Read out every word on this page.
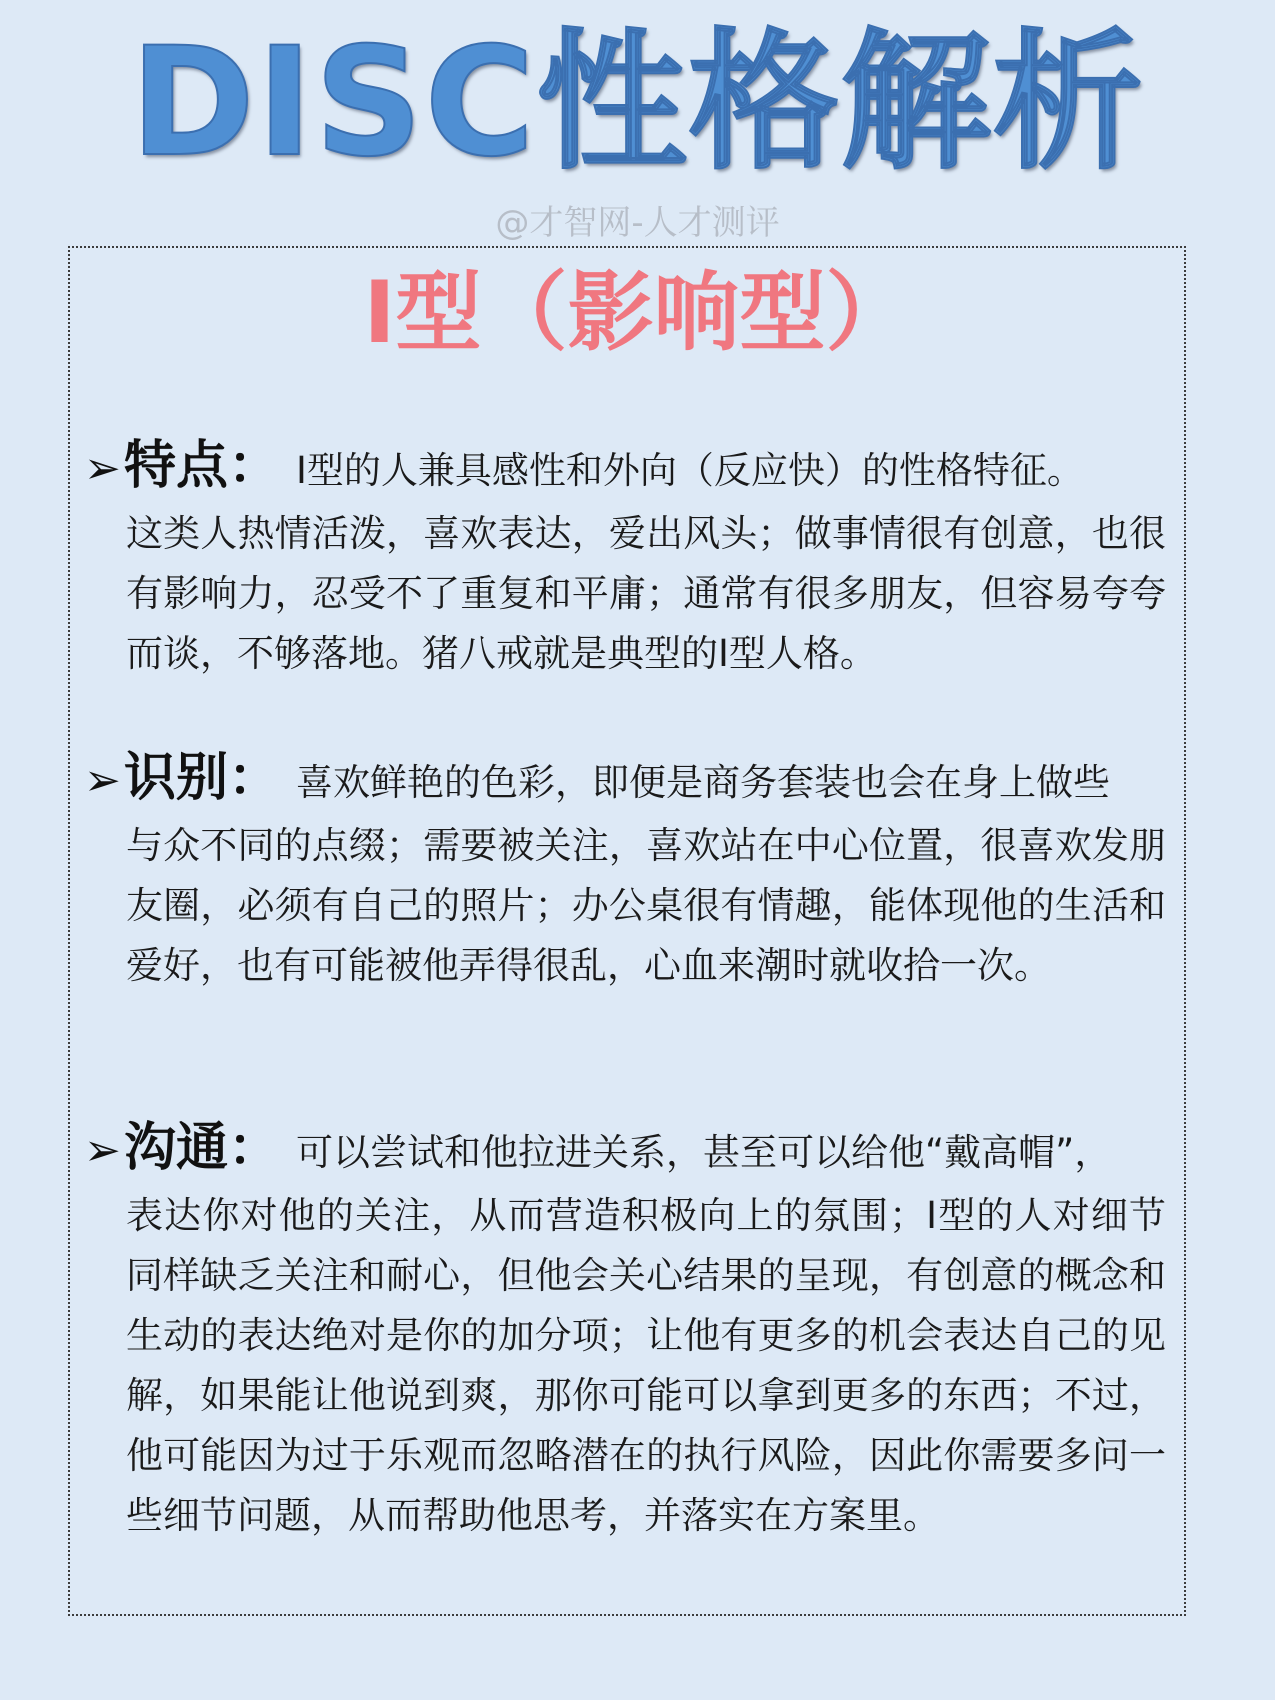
DISC性格解析
@才智网-人才测评
I型（影响型）
➢ 特点： I型的人兼具感性和外向（反应快）的性格特征。
这类人热情活泼，喜欢表达，爱出风头；做事情很有创意，也很有影响力，忍受不了重复和平庸；通常有很多朋友，但容易夸夸而谈，不够落地。猪八戒就是典型的I型人格。
➢ 识别： 喜欢鲜艳的色彩，即便是商务套装也会在身上做些
与众不同的点缀；需要被关注，喜欢站在中心位置，很喜欢发朋友圈，必须有自己的照片；办公桌很有情趣，能体现他的生活和爱好，也有可能被他弄得很乱，心血来潮时就收拾一次。
➢ 沟通： 可以尝试和他拉进关系，甚至可以给他“戴高帽”，
表达你对他的关注，从而营造积极向上的氛围；I型的人对细节同样缺乏关注和耐心，但他会关心结果的呈现，有创意的概念和生动的表达绝对是你的加分项；让他有更多的机会表达自己的见解，如果能让他说到爽，那你可能可以拿到更多的东西；不过，他可能因为过于乐观而忽略潜在的执行风险，因此你需要多问一些细节问题，从而帮助他思考，并落实在方案里。
